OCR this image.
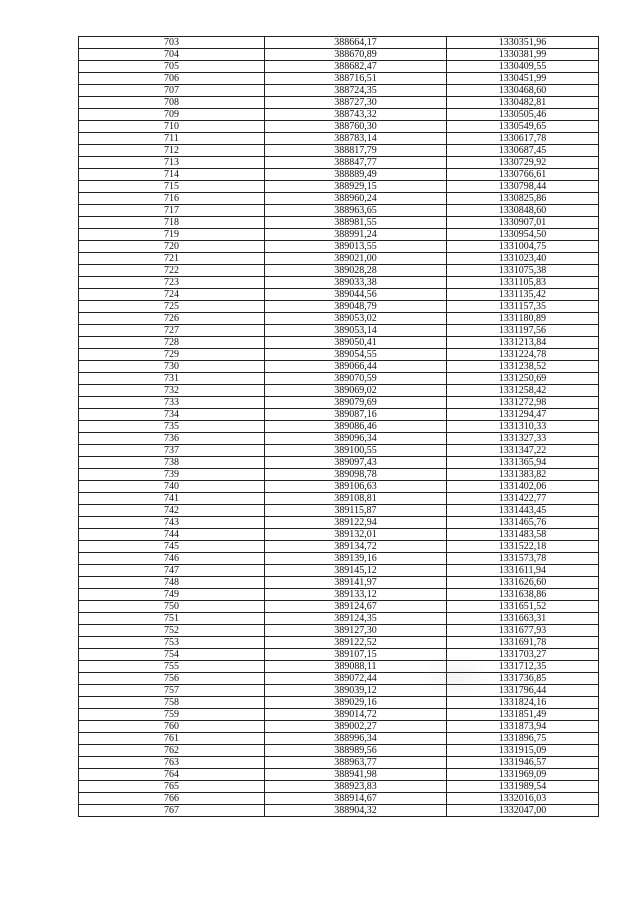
703	388664,17	1330351,96
704	388670,89	1330381,99
705	388682,47	1330409,55
706	388716,51	1330451,99
707	388724,35	1330468,60
708	388727,30	1330482,81
709	388743,32	1330505,46
710	388760,30	1330549,65
711	388783,14	1330617,78
712	388817,79	1330687,45
713	388847,77	1330729,92
714	388889,49	1330766,61
715	388929,15	1330798,44
716	388960,24	1330825,86
717	388963,65	1330848,60
718	388981,55	1330907,01
719	388991,24	1330954,50
720	389013,55	1331004,75
721	389021,00	1331023,40
722	389028,28	1331075,38
723	389033,38	1331105,83
724	389044,56	1331135,42
725	389048,79	1331157,35
726	389053,02	1331180,89
727	389053,14	1331197,56
728	389050,41	1331213,84
729	389054,55	1331224,78
730	389066,44	1331238,52
731	389070,59	1331250,69
732	389069,02	1331258,42
733	389079,69	1331272,98
734	389087,16	1331294,47
735	389086,46	1331310,33
736	389096,34	1331327,33
737	389100,55	1331347,22
738	389097,43	1331365,94
739	389098,78	1331383,82
740	389106,63	1331402,06
741	389108,81	1331422,77
742	389115,87	1331443,45
743	389122,94	1331465,76
744	389132,01	1331483,58
745	389134,72	1331522,18
746	389139,16	1331573,78
747	389145,12	1331611,94
748	389141,97	1331626,60
749	389133,12	1331638,86
750	389124,67	1331651,52
751	389124,35	1331663,31
752	389127,30	1331677,93
753	389122,52	1331691,78
754	389107,15	1331703,27
755	389088,11	1331712,35
756	389072,44	1331736,85
757	389039,12	1331796,44
758	389029,16	1331824,16
759	389014,72	1331851,49
760	389002,27	1331873,94
761	388996,34	1331896,75
762	388989,56	1331915,09
763	388963,77	1331946,57
764	388941,98	1331969,09
765	388923,83	1331989,54
766	388914,67	1332016,03
767	388904,32	1332047,00
